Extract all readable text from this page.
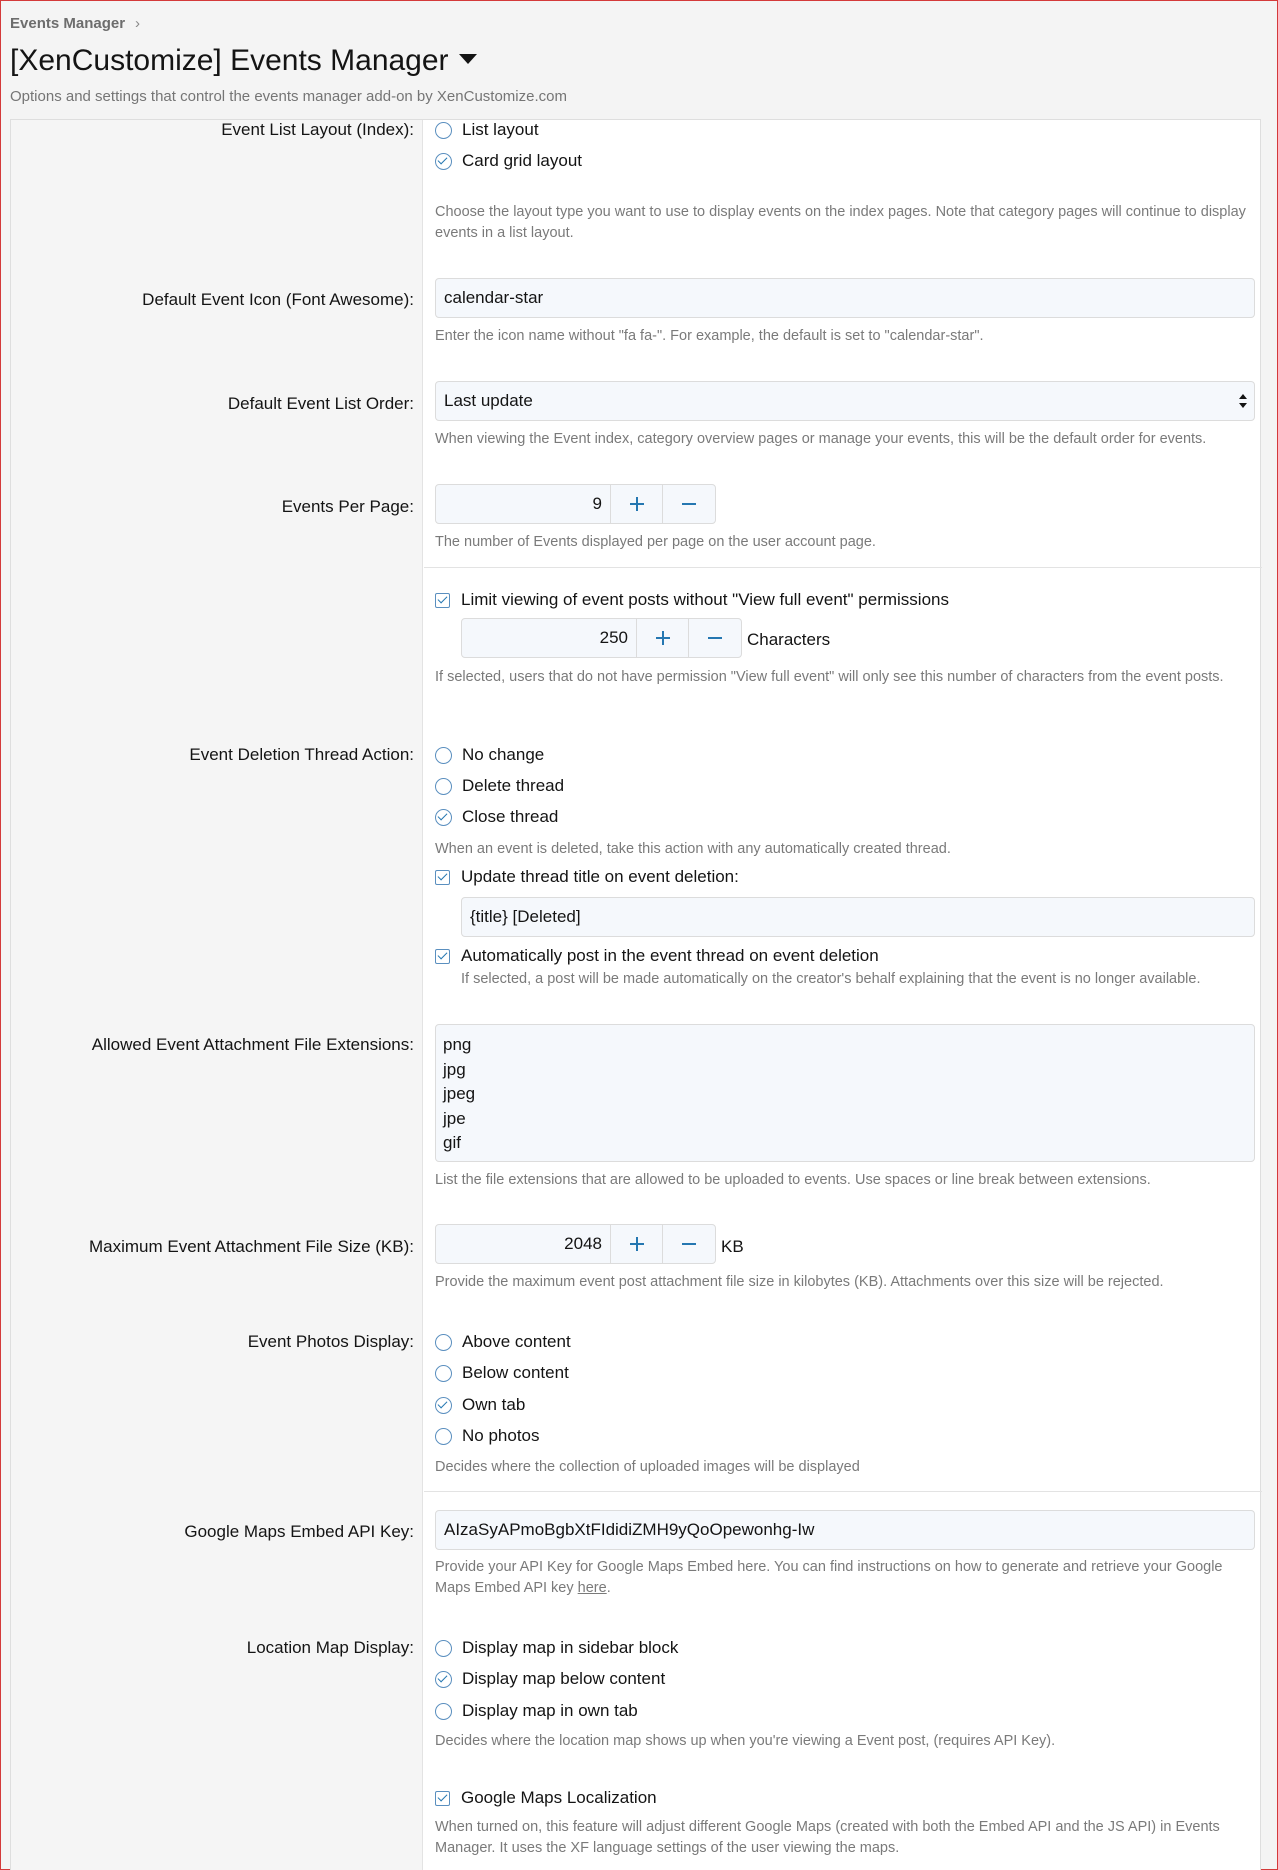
Events Manager ›
[XenCustomize] Events Manager
Options and settings that control the events manager add-on by XenCustomize.com
Event List Layout (Index):	List layout
Card grid layout
Choose the layout type you want to use to display events on the index pages. Note that category pages will continue to display events in a list layout.
Default Event Icon (Font Awesome):	calendar-star
Enter the icon name without "fa fa-". For example, the default is set to "calendar-star".
Default Event List Order: Last update
When viewing the Event index, category overview pages or manage your events, this will be the default order for events.
Events Per Page:	9
The number of Events displayed per page on the user account page.
Limit viewing of event posts without "View full event" permissions
250	Characters
If selected, users that do not have permission "View full event" will only see this number of characters from the event posts.
Event Deletion Thread Action:	No change
Delete thread
Close thread
When an event is deleted, take this action with any automatically created thread.
Update thread title on event deletion:
{title} [Deleted]
Automatically post in the event thread on event deletion
If selected, a post will be made automatically on the creator's behalf explaining that the event is no longer available.
Allowed Event Attachment File Extensions: png
jpg
jpeg
jpe
gif
List the file extensions that are allowed to be uploaded to events. Use spaces or line break between extensions.
Maximum Event Attachment File Size (KB):	2048	KB
Provide the maximum event post attachment file size in kilobytes (KB). Attachments over this size will be rejected.
Event Photos Display:	Above content
Below content
Own tab
No photos
Decides where the collection of uploaded images will be displayed
Google Maps Embed API Key:	AIzaSyAPmoBgbXtFIdidiZMH9yQoOpewonhg-Iw
Provide your API Key for Google Maps Embed here. You can find instructions on how to generate and retrieve your Google Maps Embed API key here.
Location Map Display:	Display map in sidebar block
Display map below content
Display map in own tab
Decides where the location map shows up when you're viewing a Event post, (requires API Key).
Google Maps Localization
When turned on, this feature will adjust different Google Maps (created with both the Embed API and the JS API) in Events Manager. It uses the XF language settings of the user viewing the maps.
